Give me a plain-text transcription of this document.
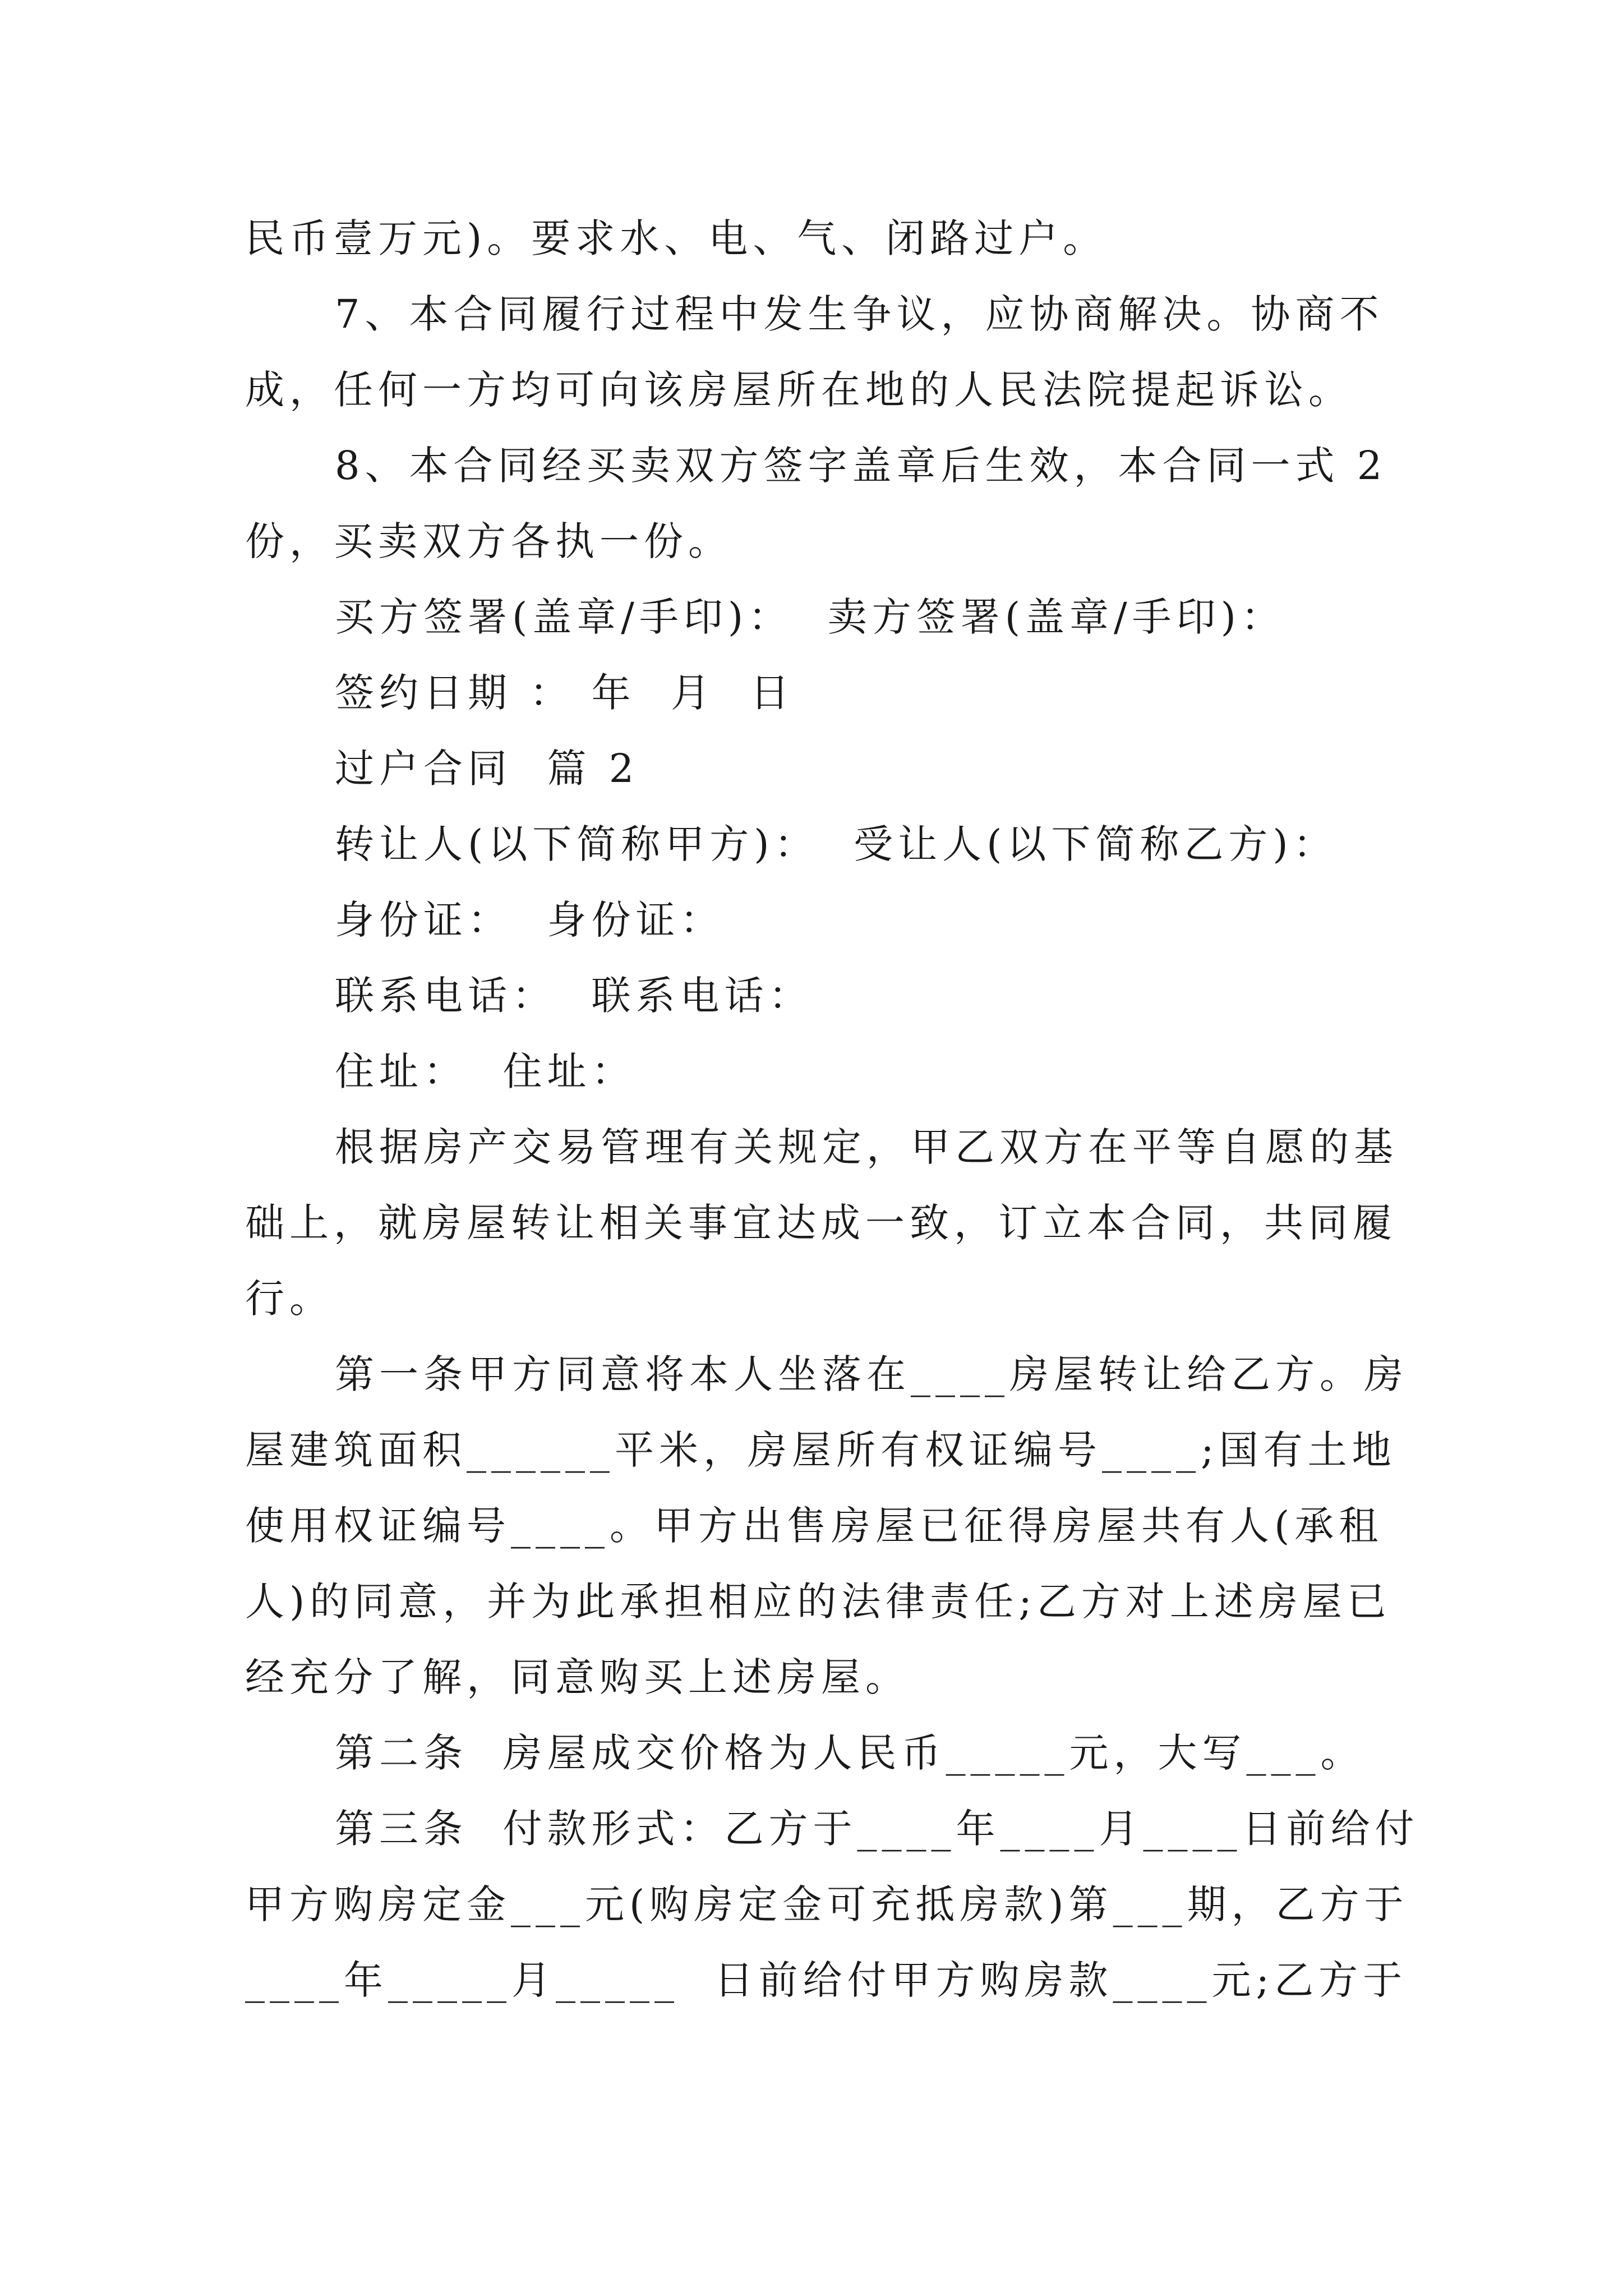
民币壹万元)。要求水、电、气、闭路过户。
7、本合同履行过程中发生争议，应协商解决。协商不
成，任何一方均可向该房屋所在地的人民法院提起诉讼。
8、本合同经买卖双方签字盖章后生效，本合同一式 2
份，买卖双方各执一份。
买方签署(盖章/手印)：  卖方签署(盖章/手印)：
签约日期 ： 年  月  日
过户合同  篇 2
转让人(以下简称甲方)：  受让人(以下简称乙方)：
身份证：  身份证：
联系电话：  联系电话：
住址：  住址：
根据房产交易管理有关规定，甲乙双方在平等自愿的基
础上，就房屋转让相关事宜达成一致，订立本合同，共同履
行。
第一条甲方同意将本人坐落在____房屋转让给乙方。房
屋建筑面积______平米，房屋所有权证编号____;国有土地
使用权证编号____。甲方出售房屋已征得房屋共有人(承租
人)的同意，并为此承担相应的法律责任;乙方对上述房屋已
经充分了解，同意购买上述房屋。
第二条  房屋成交价格为人民币_____元，大写___。
第三条  付款形式：乙方于____年____月____日前给付
甲方购房定金___元(购房定金可充抵房款)第___期，乙方于
____年_____月_____  日前给付甲方购房款____元;乙方于
